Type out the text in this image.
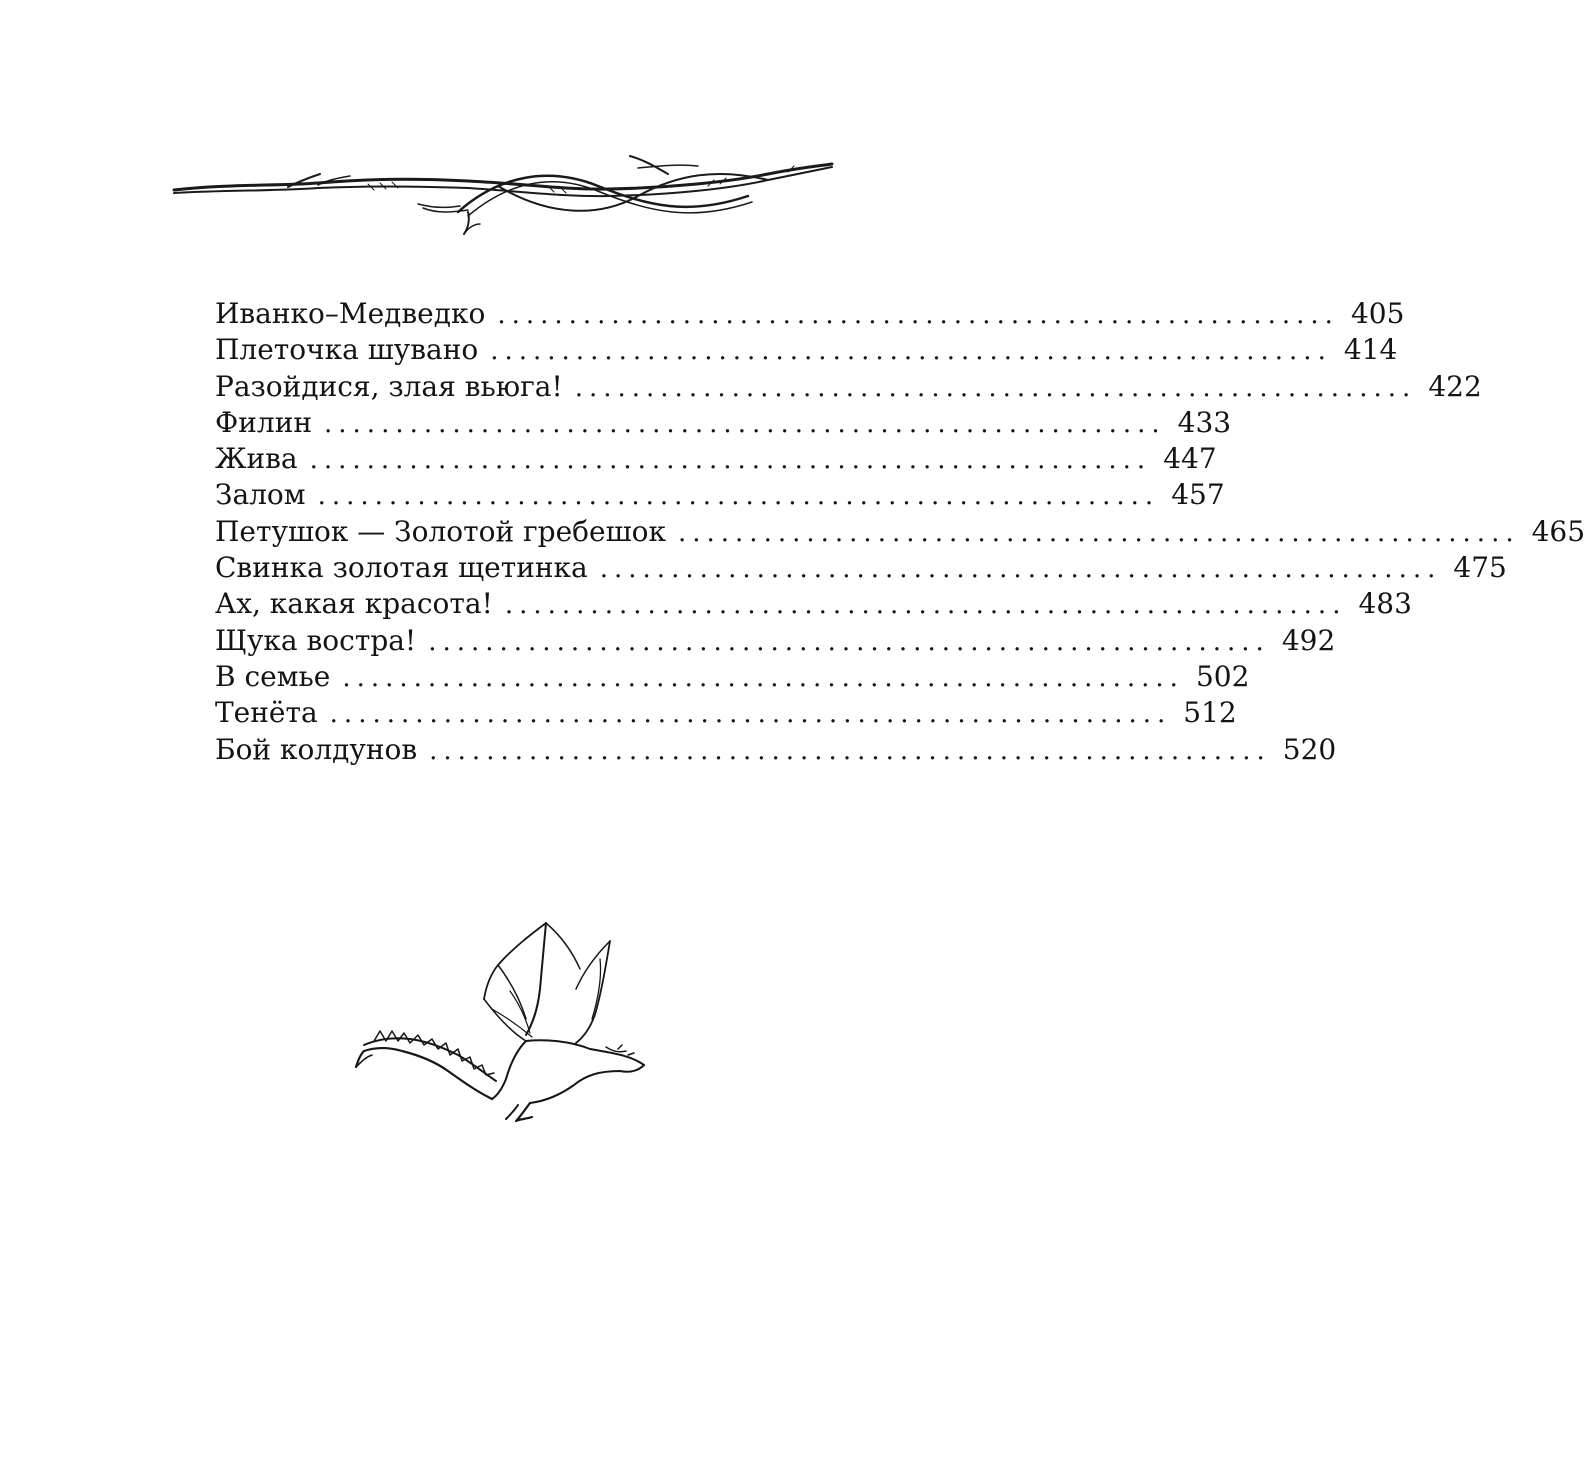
Иванко–Медведко ........................................................... 405
Плеточка шувано ........................................................... 414
Разойдися, злая вьюга! ........................................................... 422
Филин ........................................................... 433
Жива ........................................................... 447
Залом ........................................................... 457
Петушок — Золотой гребешок ........................................................... 465
Свинка золотая щетинка ........................................................... 475
Ах, какая красота! ........................................................... 483
Щука востра! ........................................................... 492
В семье ........................................................... 502
Тенёта ........................................................... 512
Бой колдунов ........................................................... 520
